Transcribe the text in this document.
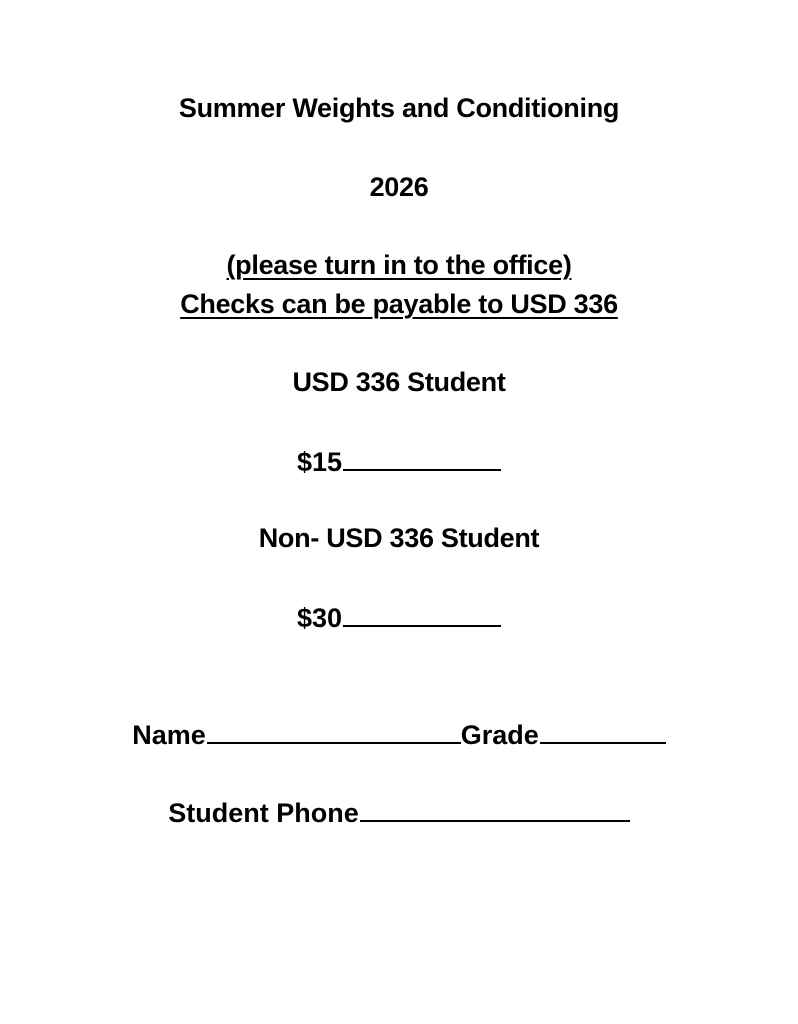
Summer Weights and Conditioning
2026
(please turn in to the office)
Checks can be payable to USD 336
USD 336 Student
$15
Non- USD 336 Student
$30
Name	Grade
Student Phone
